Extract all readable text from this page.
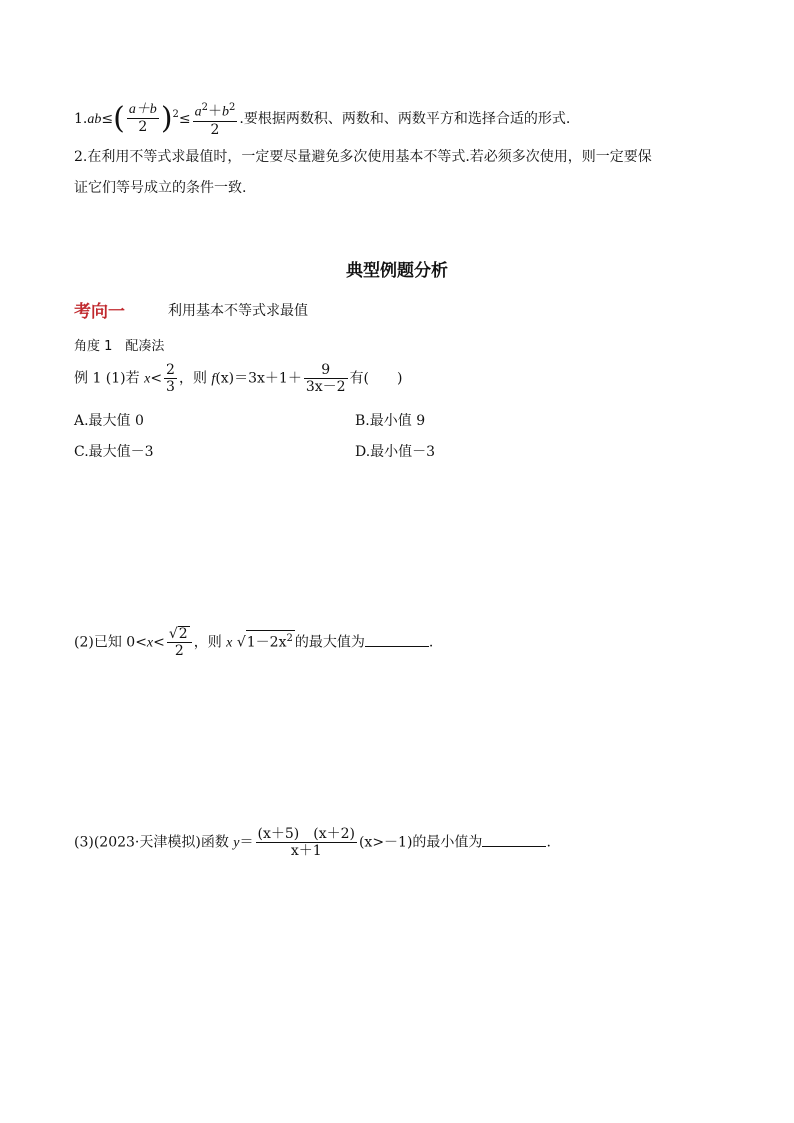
$1.ab\le( \frac{a+b}{2} )^2\le \frac{a^2+b^2}{2}$ .要根据两数积、两数和、两数平方和选择合适的形式.
2.在利用不等式求最值时，一定要尽量避免多次使用基本不等式.若必须多次使用，则一定要保
证它们等号成立的条件一致.
典型例题分析
考向一	利用基本不等式求最值
角度 1　配凑法
例 1 (1)若 $x< \frac{2}{3}$ ，则 $f(x)=3x+1+ \frac{9}{3x-2}$ 有(　　)
A.最大值 0	B.最小值 9
C.最大值－3	D.最小值－3
(2)已知 $0<x< \frac{√2}{2}$ ，则 x $√1-2x^2$ 的最大值为	.
(3)(2023·天津模拟)函数 $y= \frac{(x+5) (x+2)}{x+1} (x>-1)$的最小值为	.
